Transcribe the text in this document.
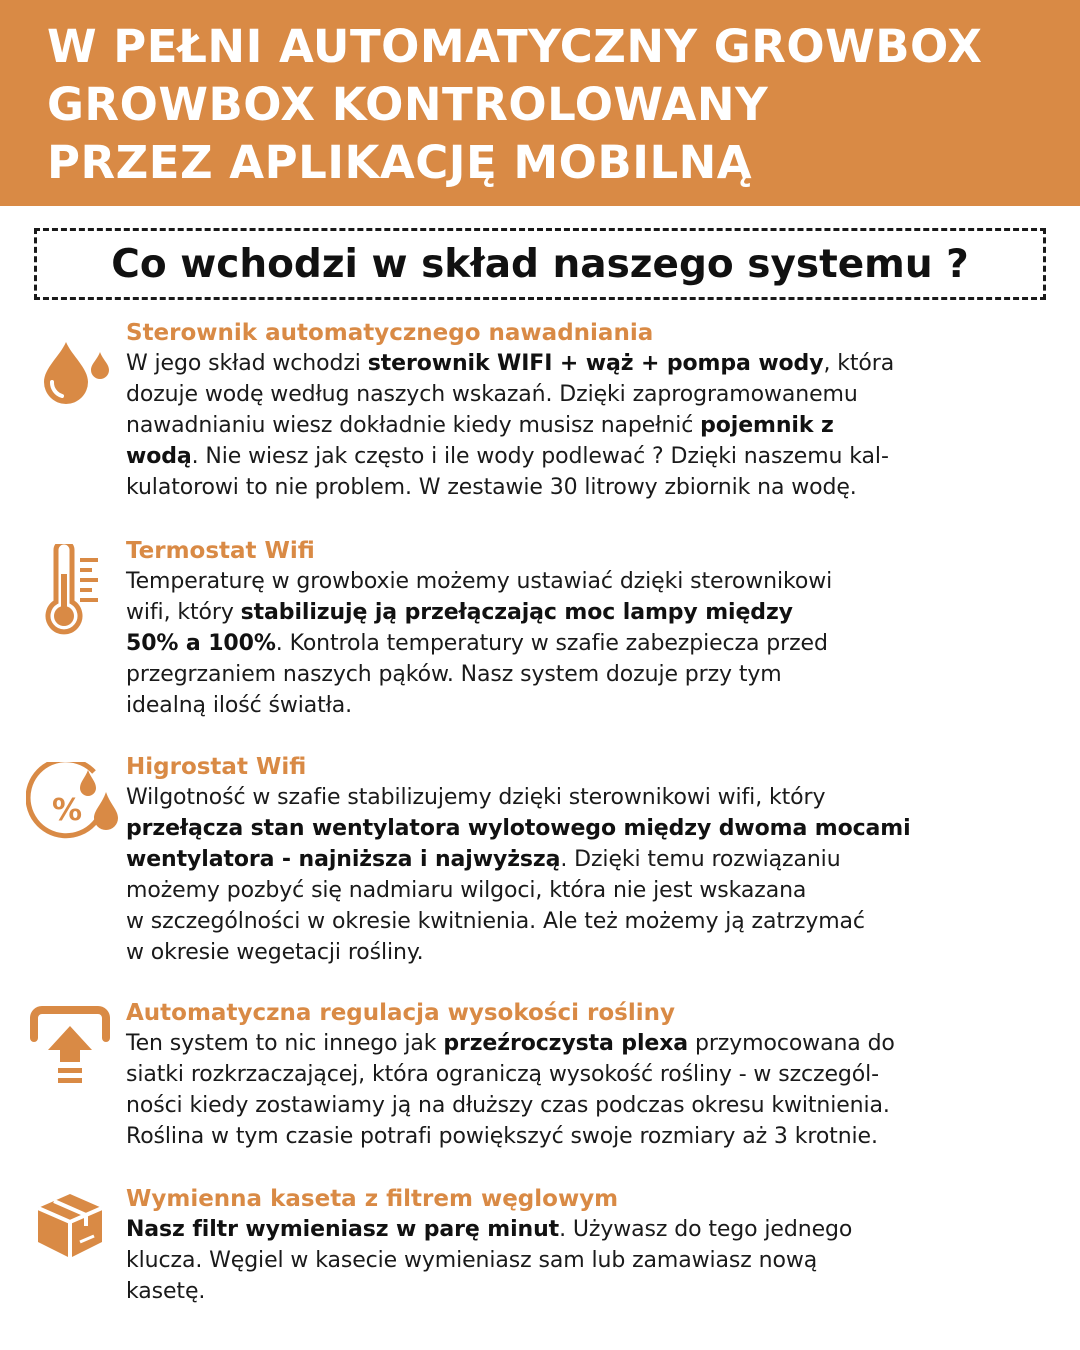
W PEŁNI AUTOMATYCZNY GROWBOX
GROWBOX KONTROLOWANY
PRZEZ APLIKACJĘ MOBILNĄ
Co wchodzi w skład naszego systemu ?
Sterownik automatycznego nawadniania

W jego skład wchodzi sterownik WIFI + wąż + pompa wody, która
dozuje wodę według naszych wskazań. Dzięki zaprogramowanemu
nawadnianiu wiesz dokładnie kiedy musisz napełnić pojemnik z
wodą. Nie wiesz jak często i ile wody podlewać ? Dzięki naszemu kal-
kulatorowi to nie problem. W zestawie 30 litrowy zbiornik na wodę.

Termostat Wifi

Temperaturę w growboxie możemy ustawiać dzięki sterownikowi
wifi, który stabilizuję ją przełączając moc lampy między
50% a 100%. Kontrola temperatury w szafie zabezpiecza przed
przegrzaniem naszych pąków. Nasz system dozuje przy tym
idealną ilość światła.

%
Higrostat Wifi

Wilgotność w szafie stabilizujemy dzięki sterownikowi wifi, który
przełącza stan wentylatora wylotowego między dwoma mocami
wentylatora - najniższa i najwyższą. Dzięki temu rozwiązaniu
możemy pozbyć się nadmiaru wilgoci, która nie jest wskazana
w szczególności w okresie kwitnienia. Ale też możemy ją zatrzymać
w okresie wegetacji rośliny.

Automatyczna regulacja wysokości rośliny

Ten system to nic innego jak przeźroczysta plexa przymocowana do
siatki rozkrzaczającej, która ograniczą wysokość rośliny - w szczegól-
ności kiedy zostawiamy ją na dłuższy czas podczas okresu kwitnienia.
Roślina w tym czasie potrafi powiększyć swoje rozmiary aż 3 krotnie.

Wymienna kaseta z filtrem węglowym

Nasz filtr wymieniasz w parę minut. Używasz do tego jednego
klucza. Węgiel w kasecie wymieniasz sam lub zamawiasz nową
kasetę.
